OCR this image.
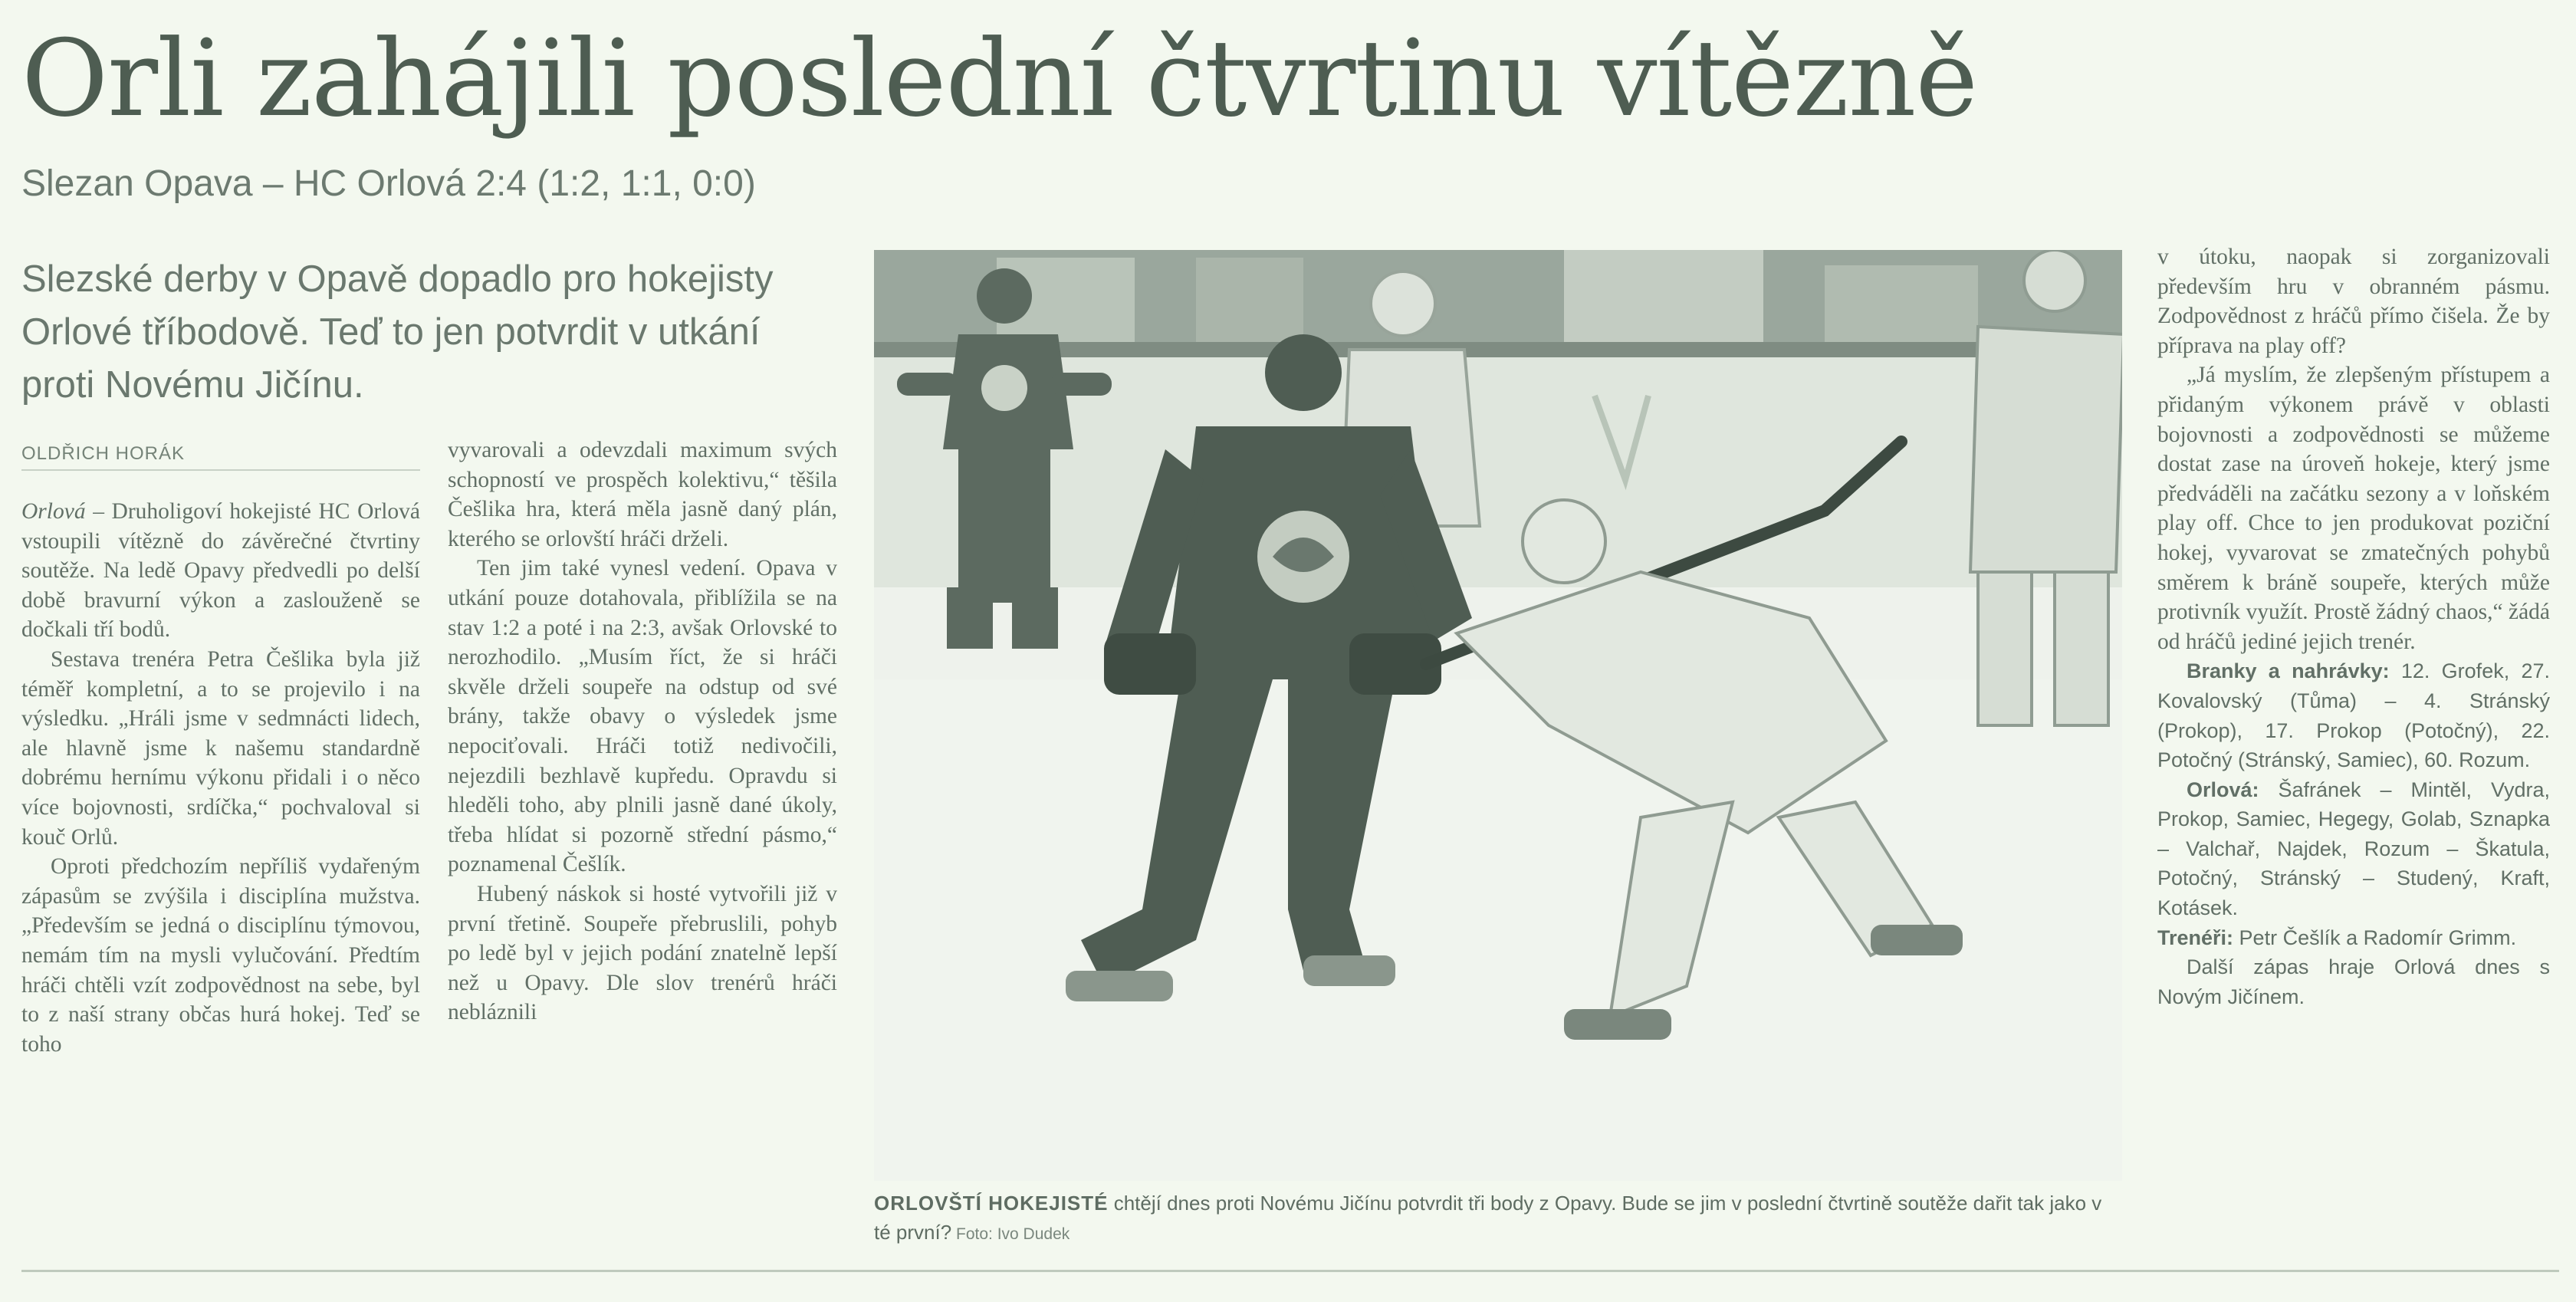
Orli zahájili poslední čtvrtinu vítězně
Slezan Opava – HC Orlová 2:4 (1:2, 1:1, 0:0)
Slezské derby v Opavě dopadlo pro hokejisty Orlové tříbodově. Teď to jen potvrdit v utkání proti Novému Jičínu.
OLDŘICH HORÁK

Orlová – Druholigoví hokejisté HC Orlová vstoupili vítězně do závěrečné čtvrtiny soutěže. Na ledě Opavy předvedli po delší době bravurní výkon a zaslouženě se dočkali tří bodů.

Sestava trenéra Petra Češlika byla již téměř kompletní, a to se projevilo i na výsledku. „Hráli jsme v sedmnácti lidech, ale hlavně jsme k našemu standardně dobrému hernímu výkonu přidali i o něco více bojovnosti, srdíčka,“ pochvaloval si kouč Orlů.

Oproti předchozím nepříliš vydařeným zápasům se zvýšila i disciplína mužstva. „Především se jedná o disciplínu týmovou, nemám tím na mysli vylučování. Předtím hráči chtěli vzít zodpovědnost na sebe, byl to z naší strany občas hurá hokej. Teď se toho

vyvarovali a odevzdali maximum svých schopností ve prospěch kolektivu,“ těšila Češlika hra, která měla jasně daný plán, kterého se orlovští hráči drželi.

Ten jim také vynesl vedení. Opava v utkání pouze dotahovala, přiblížila se na stav 1:2 a poté i na 2:3, avšak Orlovské to nerozhodilo. „Musím říct, že si hráči skvěle drželi soupeře na odstup od své brány, takže obavy o výsledek jsme nepociťovali. Hráči totiž nedivočili, nejezdili bezhlavě kupředu. Opravdu si hleděli toho, aby plnili jasně dané úkoly, třeba hlídat si pozorně střední pásmo,“ poznamenal Češlík.

Hubený náskok si hosté vytvořili již v první třetině. Soupeře přebruslili, pohyb po ledě byl v jejich podání znatelně lepší než u Opavy. Dle slov trenérů hráči nebláznili

ORLOVŠTÍ HOKEJISTÉ chtějí dnes proti Novému Jičínu potvrdit tři body z Opavy. Bude se jim v poslední čtvrtině soutěže dařit tak jako v té první? Foto: Ivo Dudek

v útoku, naopak si zorganizovali především hru v obranném pásmu. Zodpovědnost z hráčů přímo čišela. Že by příprava na play off?

„Já myslím, že zlepšeným přístupem a přidaným výkonem právě v oblasti bojovnosti a zodpovědnosti se můžeme dostat zase na úroveň hokeje, který jsme předváděli na začátku sezony a v loňském play off. Chce to jen produkovat poziční hokej, vyvarovat se zmatečných pohybů směrem k bráně soupeře, kterých může protivník využít. Prostě žádný chaos,“ žádá od hráčů jediné jejich trenér.

Branky a nahrávky: 12. Grofek, 27. Kovalovský (Tůma) – 4. Stránský (Prokop), 17. Prokop (Potočný), 22. Potočný (Stránský, Samiec), 60. Rozum.

Orlová: Šafránek – Mintěl, Vydra, Prokop, Samiec, Hegegy, Golab, Sznapka – Valchař, Najdek, Rozum – Škatula, Potočný, Stránský – Studený, Kraft, Kotásek.

Trenéři: Petr Češlík a Radomír Grimm.

Další zápas hraje Orlová dnes s Novým Jičínem.
